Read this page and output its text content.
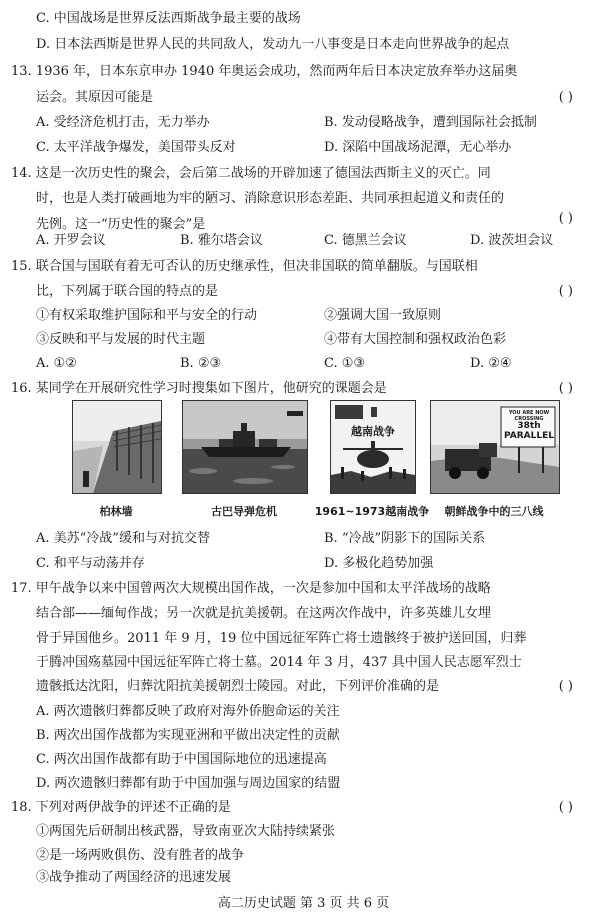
C. 中国战场是世界反法西斯战争最主要的战场
D. 日本法西斯是世界人民的共同敌人，发动九一八事变是日本走向世界战争的起点
13. 1936 年，日本东京申办 1940 年奥运会成功，然而两年后日本决定放弃举办这届奥
运会。其原因可能是	( )
A. 受经济危机打击，无力举办	B. 发动侵略战争，遭到国际社会抵制
C. 太平洋战争爆发，美国带头反对	D. 深陷中国战场泥潭，无心举办
14. 这是一次历史性的聚会，会后第二战场的开辟加速了德国法西斯主义的灭亡。同
时，也是人类打破画地为牢的陋习、消除意识形态差距、共同承担起道义和责任的
先例。这一“历史性的聚会”是	( )
A. 开罗会议	B. 雅尔塔会议	C. 德黑兰会议	D. 波茨坦会议
15. 联合国与国联有着无可否认的历史继承性，但决非国联的简单翻版。与国联相
比，下列属于联合国的特点的是	( )
①有权采取维护国际和平与安全的行动	②强调大国一致原则
③反映和平与发展的时代主题	④带有大国控制和强权政治色彩
A. ①②	B. ②③	C. ①③	D. ②④
16. 某同学在开展研究性学习时搜集如下图片，他研究的课题会是	( )
柏林墙	古巴导弹危机
越南战争
1961~1973越南战争
YOU ARE NOW CROSSING
38th PARALLEL
朝鲜战争中的三八线
A. 美苏“冷战”缓和与对抗交替	B. “冷战”阴影下的国际关系
C. 和平与动荡并存	D. 多极化趋势加强
17. 甲午战争以来中国曾两次大规模出国作战，一次是参加中国和太平洋战场的战略
结合部——缅甸作战；另一次就是抗美援朝。在这两次作战中，许多英雄儿女埋
骨于异国他乡。2011 年 9 月，19 位中国远征军阵亡将士遗骸终于被护送回国，归葬
于腾冲国殇墓园中国远征军阵亡将士墓。2014 年 3 月，437 具中国人民志愿军烈士
遗骸抵达沈阳，归葬沈阳抗美援朝烈士陵园。对此，下列评价准确的是	( )
A. 两次遗骸归葬都反映了政府对海外侨胞命运的关注
B. 两次出国作战都为实现亚洲和平做出决定性的贡献
C. 两次出国作战都有助于中国国际地位的迅速提高
D. 两次遗骸归葬都有助于中国加强与周边国家的结盟
18. 下列对两伊战争的评述不正确的是	( )
①两国先后研制出核武器，导致南亚次大陆持续紧张
②是一场两败俱伤、没有胜者的战争
③战争推动了两国经济的迅速发展
高二历史试题 第 3 页 共 6 页
